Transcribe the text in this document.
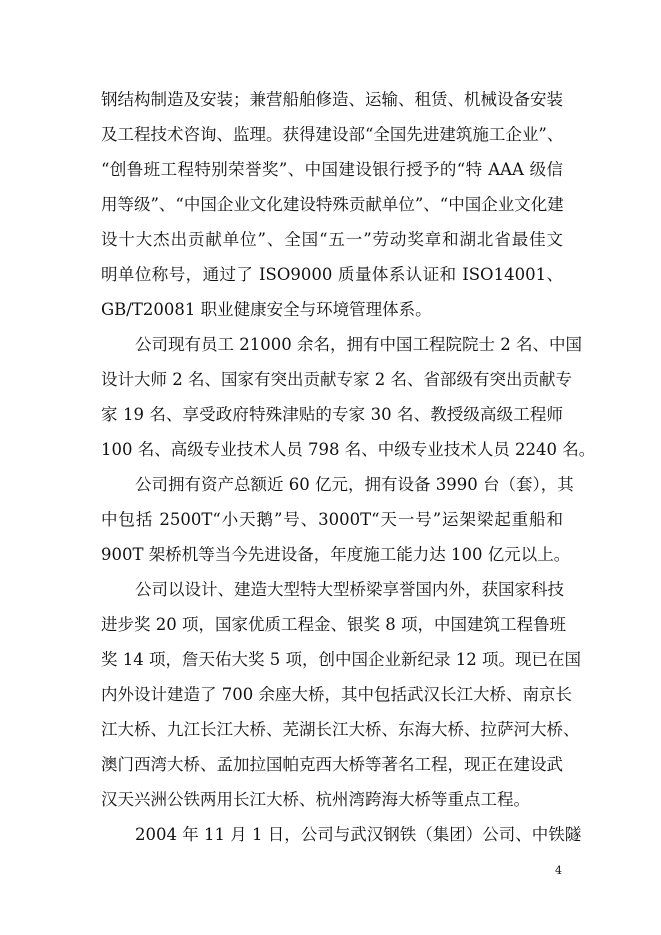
钢结构制造及安装；兼营船舶修造、运输、租赁、机械设备安装
及工程技术咨询、监理。获得建设部“全国先进建筑施工企业”、
“创鲁班工程特别荣誉奖”、中国建设银行授予的“特 AAA 级信
用等级”、“中国企业文化建设特殊贡献单位”、“中国企业文化建
设十大杰出贡献单位”、全国“五一”劳动奖章和湖北省最佳文
明单位称号，通过了 ISO9000 质量体系认证和 ISO14001、
GB/T20081 职业健康安全与环境管理体系。
公司现有员工 21000 余名，拥有中国工程院院士 2 名、中国
设计大师 2 名、国家有突出贡献专家 2 名、省部级有突出贡献专
家 19 名、享受政府特殊津贴的专家 30 名、教授级高级工程师
100 名、高级专业技术人员 798 名、中级专业技术人员 2240 名。
公司拥有资产总额近 60 亿元，拥有设备 3990 台（套），其
中包括 2500T“小天鹅”号、3000T“天一号”运架梁起重船和
900T 架桥机等当今先进设备，年度施工能力达 100 亿元以上。
公司以设计、建造大型特大型桥梁享誉国内外，获国家科技
进步奖 20 项，国家优质工程金、银奖 8 项，中国建筑工程鲁班
奖 14 项，詹天佑大奖 5 项，创中国企业新纪录 12 项。现已在国
内外设计建造了 700 余座大桥，其中包括武汉长江大桥、南京长
江大桥、九江长江大桥、芜湖长江大桥、东海大桥、拉萨河大桥、
澳门西湾大桥、孟加拉国帕克西大桥等著名工程，现正在建设武
汉天兴洲公铁两用长江大桥、杭州湾跨海大桥等重点工程。
2004 年 11 月 1 日，公司与武汉钢铁（集团）公司、中铁隧
4
